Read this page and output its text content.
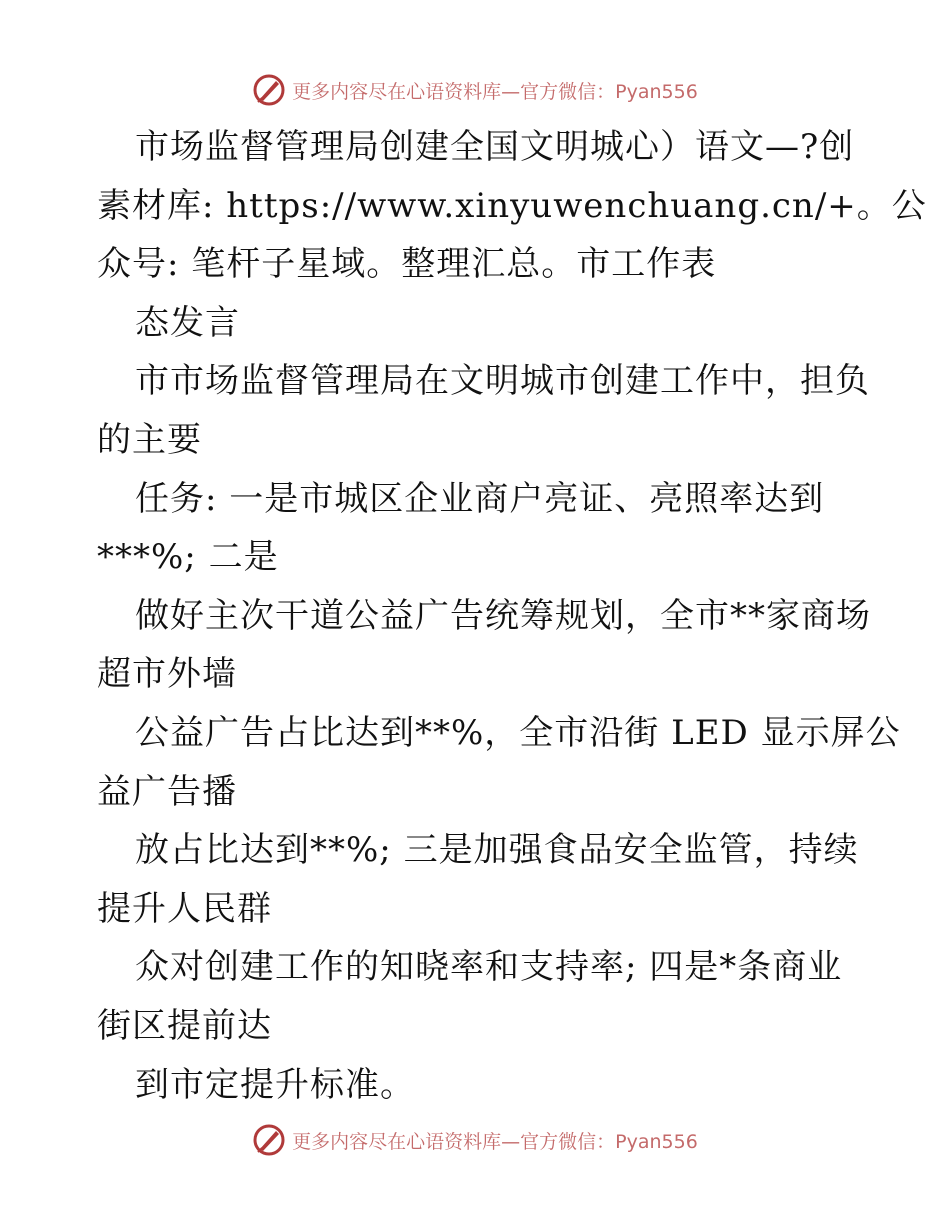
更多内容尽在心语资料库—官方微信：Pyan556
市场监督管理局创建全国文明城心）语文—?创
素材库: https://www.xinyuwenchuang.cn/+。公
众号: 笔杆子星域。整理汇总。市工作表
态发言
市市场监督管理局在文明城市创建工作中，担负
的主要
任务: 一是市城区企业商户亮证、亮照率达到
***%; 二是
做好主次干道公益广告统筹规划，全市**家商场
超市外墙
公益广告占比达到**%，全市沿街 LED 显示屏公
益广告播
放占比达到**%; 三是加强食品安全监管，持续
提升人民群
众对创建工作的知晓率和支持率; 四是*条商业
街区提前达
到市定提升标准。
更多内容尽在心语资料库—官方微信：Pyan556
